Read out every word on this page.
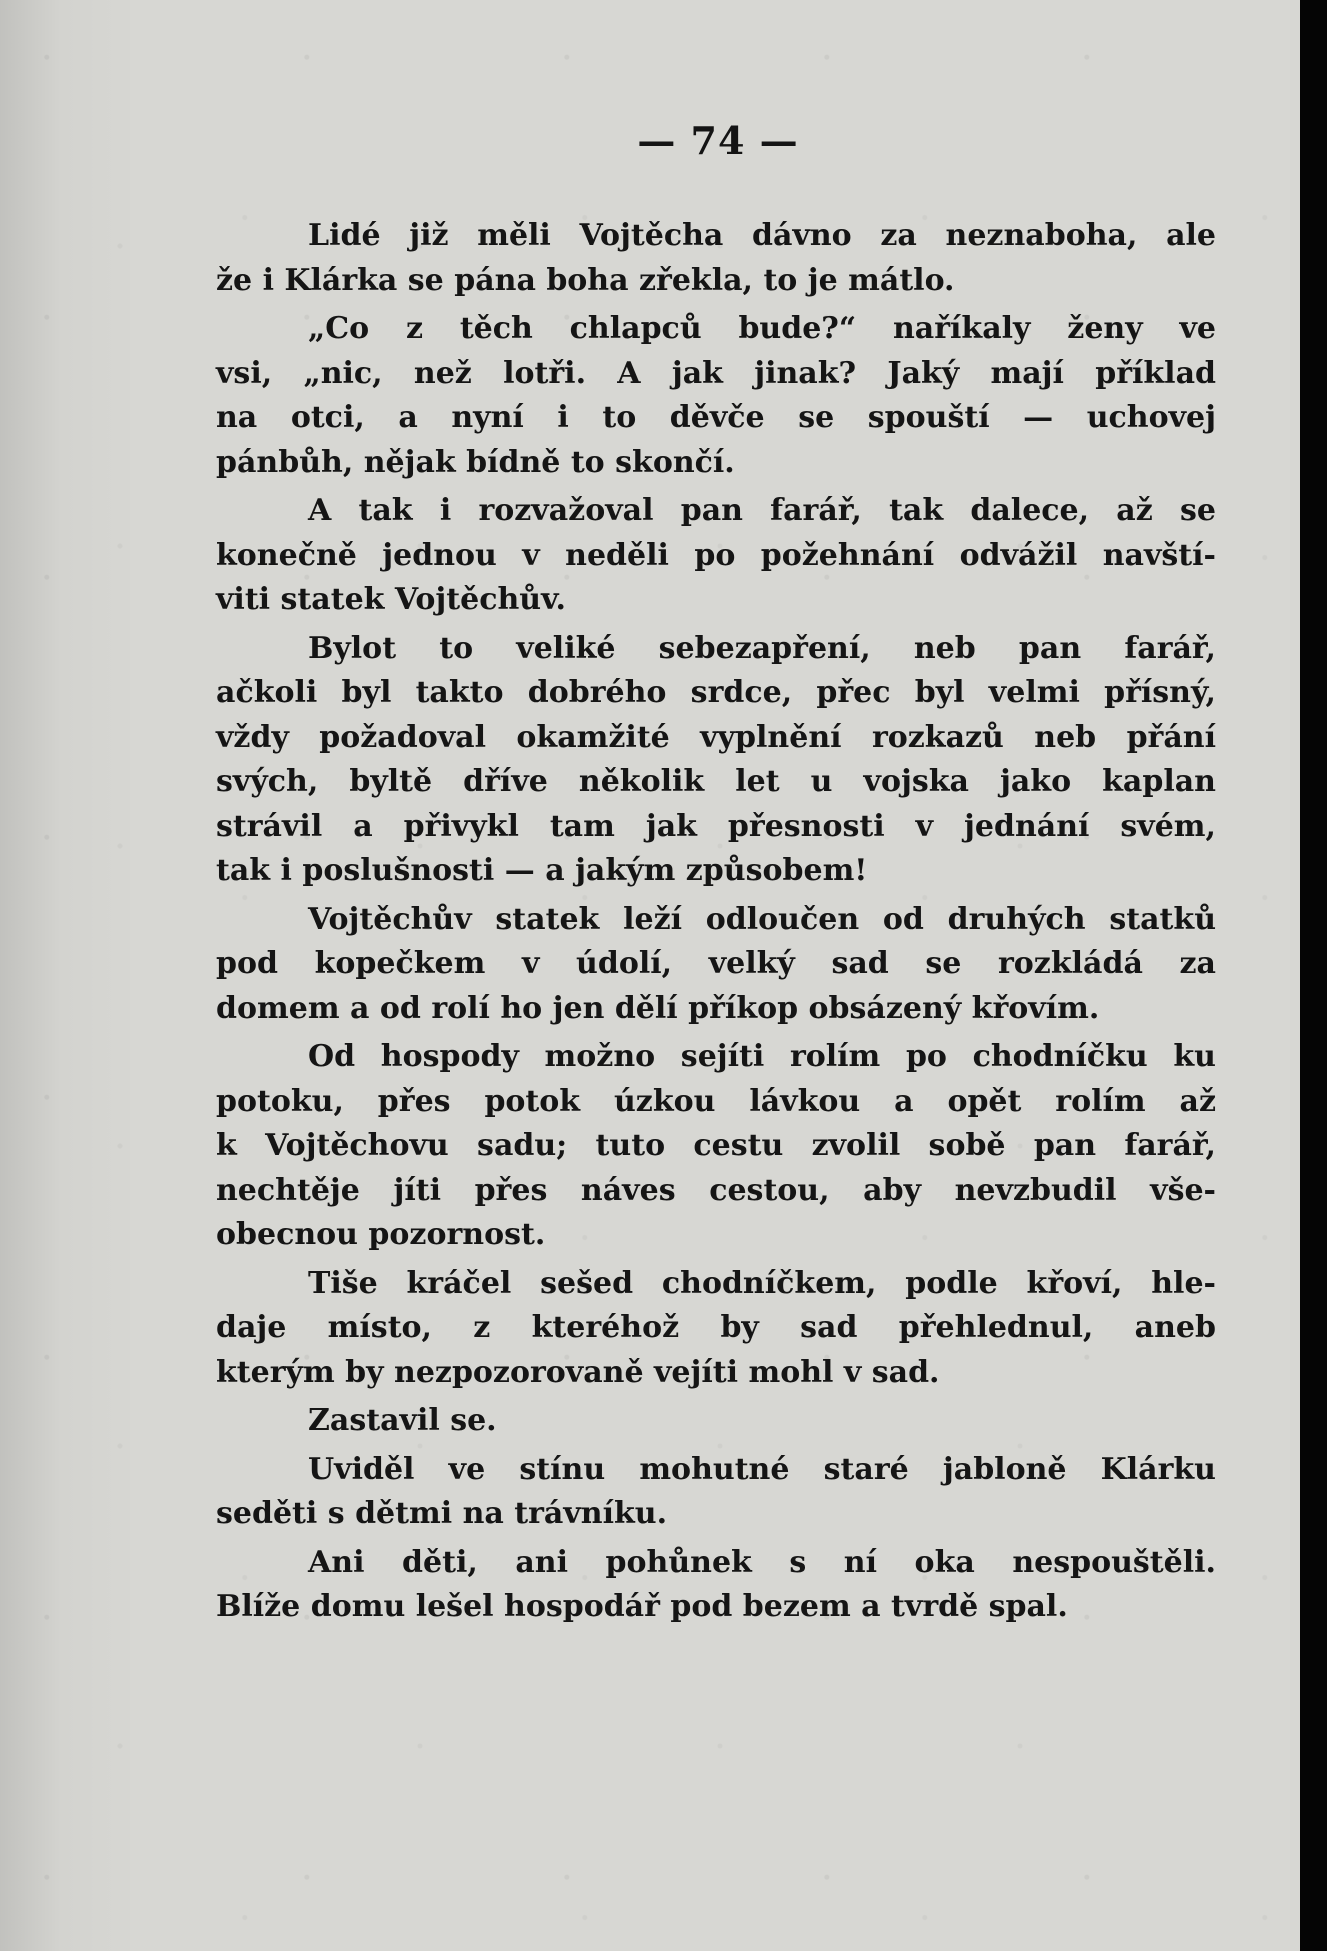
— 74 —
Lidé již měli Vojtěcha dávno za neznaboha, ale
že i Klárka se pána boha zřekla, to je mátlo.
„Co z těch chlapců bude?“ naříkaly ženy ve
vsi, „nic, než lotři. A jak jinak? Jaký mají příklad
na otci, a nyní i to děvče se spouští — uchovej
pánbůh, nějak bídně to skončí.
A tak i rozvažoval pan farář, tak dalece, až se
konečně jednou v neděli po požehnání odvážil navští-
viti statek Vojtěchův.
Bylot to veliké sebezapření, neb pan farář,
ačkoli byl takto dobrého srdce, přec byl velmi přísný,
vždy požadoval okamžité vyplnění rozkazů neb přání
svých, byltě dříve několik let u vojska jako kaplan
strávil a přivykl tam jak přesnosti v jednání svém,
tak i poslušnosti — a jakým způsobem!
Vojtěchův statek leží odloučen od druhých statků
pod kopečkem v údolí, velký sad se rozkládá za
domem a od rolí ho jen dělí příkop obsázený křovím.
Od hospody možno sejíti rolím po chodníčku ku
potoku, přes potok úzkou lávkou a opět rolím až
k Vojtěchovu sadu; tuto cestu zvolil sobě pan farář,
nechtěje jíti přes náves cestou, aby nevzbudil vše-
obecnou pozornost.
Tiše kráčel sešed chodníčkem, podle křoví, hle-
daje místo, z kteréhož by sad přehlednul, aneb
kterým by nezpozorovaně vejíti mohl v sad.
Zastavil se.
Uviděl ve stínu mohutné staré jabloně Klárku
seděti s dětmi na trávníku.
Ani děti, ani pohůnek s ní oka nespouštěli.
Blíže domu lešel hospodář pod bezem a tvrdě spal.
